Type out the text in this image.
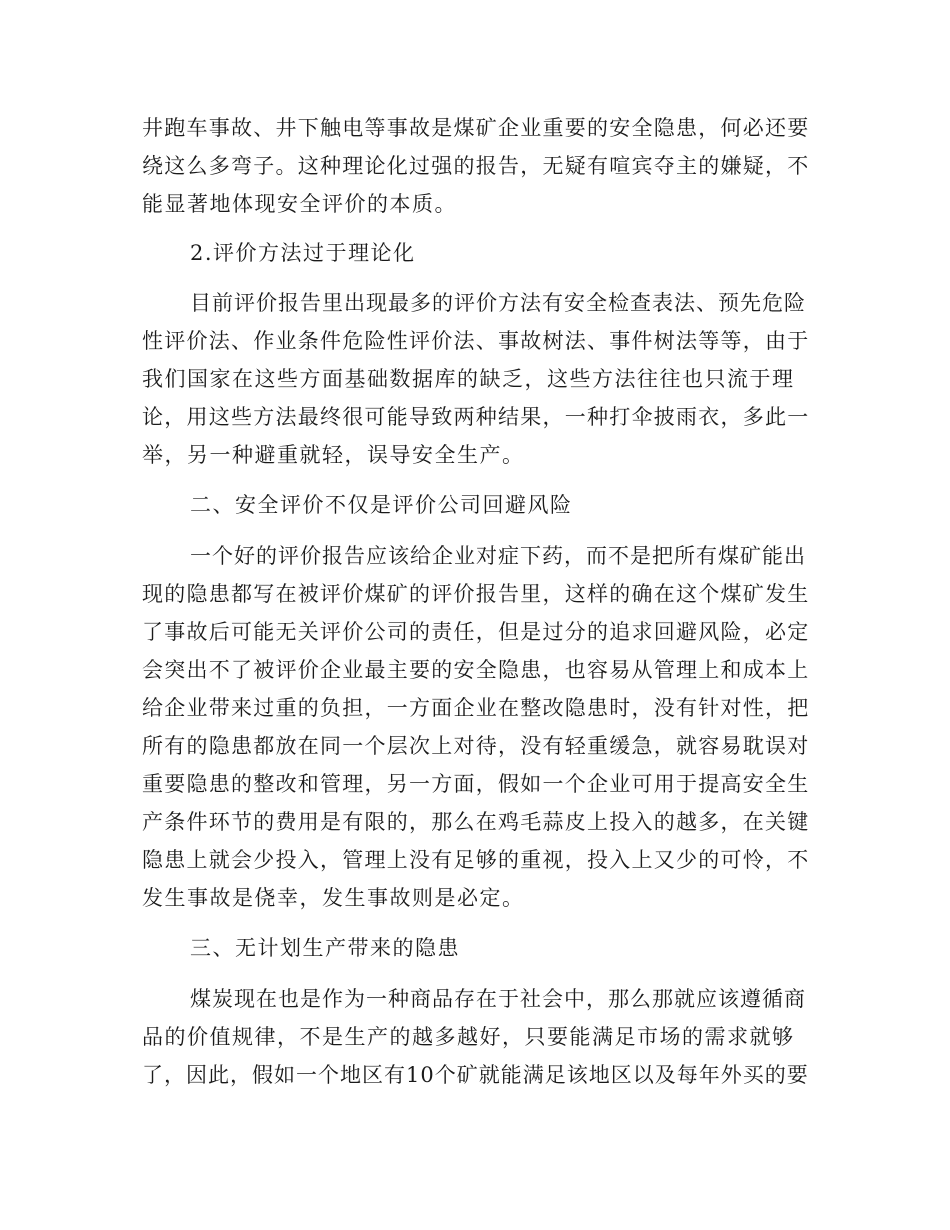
井跑车事故、井下触电等事故是煤矿企业重要的安全隐患，何必还要
绕这么多弯子。这种理论化过强的报告，无疑有喧宾夺主的嫌疑，不
能显著地体现安全评价的本质。
2.评价方法过于理论化
目前评价报告里出现最多的评价方法有安全检查表法、预先危险
性评价法、作业条件危险性评价法、事故树法、事件树法等等，由于
我们国家在这些方面基础数据库的缺乏，这些方法往往也只流于理
论，用这些方法最终很可能导致两种结果，一种打伞披雨衣，多此一
举，另一种避重就轻，误导安全生产。
二、安全评价不仅是评价公司回避风险
一个好的评价报告应该给企业对症下药，而不是把所有煤矿能出
现的隐患都写在被评价煤矿的评价报告里，这样的确在这个煤矿发生
了事故后可能无关评价公司的责任，但是过分的追求回避风险，必定
会突出不了被评价企业最主要的安全隐患，也容易从管理上和成本上
给企业带来过重的负担，一方面企业在整改隐患时，没有针对性，把
所有的隐患都放在同一个层次上对待，没有轻重缓急，就容易耽误对
重要隐患的整改和管理，另一方面，假如一个企业可用于提高安全生
产条件环节的费用是有限的，那么在鸡毛蒜皮上投入的越多，在关键
隐患上就会少投入，管理上没有足够的重视，投入上又少的可怜，不
发生事故是侥幸，发生事故则是必定。
三、无计划生产带来的隐患
煤炭现在也是作为一种商品存在于社会中，那么那就应该遵循商
品的价值规律，不是生产的越多越好，只要能满足市场的需求就够
了，因此，假如一个地区有10个矿就能满足该地区以及每年外买的要
